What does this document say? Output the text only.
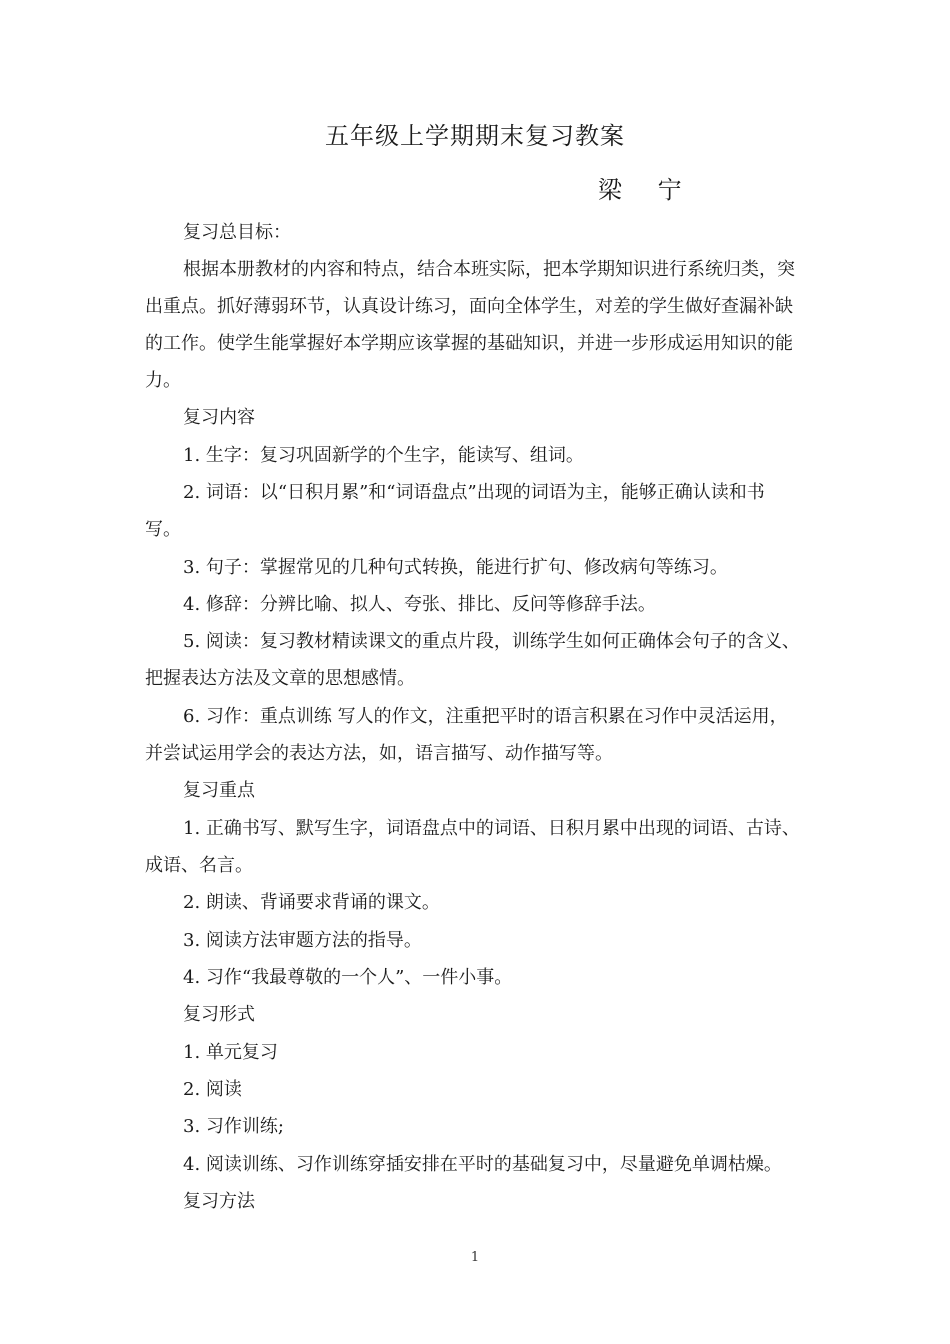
五年级上学期期末复习教案
梁 宁
复习总目标：
根据本册教材的内容和特点，结合本班实际，把本学期知识进行系统归类，突
出重点。抓好薄弱环节，认真设计练习，面向全体学生，对差的学生做好查漏补缺
的工作。使学生能掌握好本学期应该掌握的基础知识，并进一步形成运用知识的能
力。
复习内容
1. 生字：复习巩固新学的个生字，能读写、组词。
2. 词语：以“日积月累”和“词语盘点”出现的词语为主，能够正确认读和书
写。
3. 句子：掌握常见的几种句式转换，能进行扩句、修改病句等练习。
4. 修辞：分辨比喻、拟人、夸张、排比、反问等修辞手法。
5. 阅读：复习教材精读课文的重点片段，训练学生如何正确体会句子的含义、
把握表达方法及文章的思想感情。
6. 习作：重点训练 写人的作文，注重把平时的语言积累在习作中灵活运用，
并尝试运用学会的表达方法，如，语言描写、动作描写等。
复习重点
1. 正确书写、默写生字，词语盘点中的词语、日积月累中出现的词语、古诗、
成语、名言。
2. 朗读、背诵要求背诵的课文。
3. 阅读方法审题方法的指导。
4. 习作“我最尊敬的一个人”、一件小事。
复习形式
1. 单元复习
2. 阅读
3. 习作训练;
4. 阅读训练、习作训练穿插安排在平时的基础复习中，尽量避免单调枯燥。
复习方法
1
